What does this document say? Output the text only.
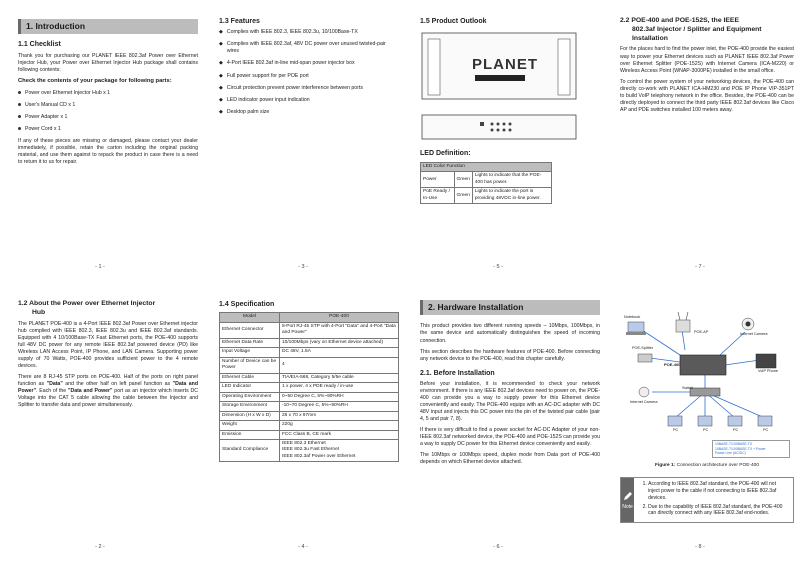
1. Introduction
1.1 Checklist
Thank you for purchasing our PLANET IEEE 802.3af Power over Ethernet Injector Hub, your Power over Ethernet Injector Hub package shall contains following contents:
Check the contents of your package for following parts:
Power over Ethernet Injector Hub x 1
User's Manual CD x 1
Power Adapter x 1
Power Cord x 1
If any of these pieces are missing or damaged, please contact your dealer immediately, if possible, retain the carton including the original packing material, and use them against to repack the product in case there is a need to return it to us for repair.
- 1 -
1.3 Features
◆ Complies with IEEE 802.3, IEEE 802.3u, 10/100Base-TX
◆ Complies with IEEE 802.3af, 48V DC power over unused twisted-pair wires
◆ 4-Port IEEE 802.3af in-line mid-span power injector box
◆ Full power support for per POE port
◆ Circuit protection prevent power interference between ports
◆ LED indicator power input indication
◆ Desktop palm size
- 3 -
1.5 Product Outlook
PLANET
LED Definition:
LED Color Function		
Power	Green	Lights to indicate that the POE-400 has power.
PoE Ready / In-Use	Green	Lights to indicate the port is providing 48VDC in-line power.
- 5 -
2.2 POE-400 and POE-152S, the IEEE
802.3af Injector / Splitter and Equipment
Installation
For the places hard to find the power inlet, the POE-400 provide the easiest way to power your Ethernet devices such as PLANET IEEE 802.3af Power over Ethernet Splitter (POE-152S) with Internet Camera (ICA-M220) or Wireless Access Point (WNAP-3000PE) installed in the small office.
To control the power system of your networking devices, the POE-400 can directly co-work with PLANET ICA-HM230 and POE IP Phone VIP-351PT to build VoIP telephony network in the office. Besides, the POE-400 can be directly deployed to connect the third party IEEE 802.3af devices like Cisco AP and PDE switches installed 100 meters away.
- 7 -
1.2 About the Power over Ethernet Injector
Hub
The PLANET POE-400 is a 4-Port IEEE 802.3af Power over Ethernet injector hub complied with IEEE 802.3, IEEE 802.3u and IEEE 802.3af standards. Equipped with 4 10/100Base-TX Fast Ethernet ports, the POE-400 supports full 48V DC power for any remote IEEE 802.3af powered device (PD) like Wireless LAN Access Point, IP Phone, and LAN Camera. Supporting power supply of 70 Watts, POE-400 provides sufficient power to the 4 remote devices.
There are 8 RJ-45 STP ports on POE-400. Half of the ports on right panel function as "Data" and the other half on left panel function as "Data and Power". Each of the "Data and Power" port as an injector which inserts DC Voltage into the CAT 5 cable allowing the cable between the Injector and Splitter to transfer data and power simultaneously.
- 2 -
1.4 Specification
Model	POE-400
Ethernet Connector	8-Port RJ-45 STP with 4-Port "Data" and 4-Port "Data and Power"
Ethernet Data Rate	10/100Mbps (vary on Ethernet device attached)
Input Voltage	DC 48V, 1.5A
Number of Device can be Power	4
Ethernet Cable	TIA/EIA-568, Category 5/5e cable
LED Indicator	1 x power, 4 x PDE ready / in-use
Operating Environment	0~50 Degree C, 5%~90%RH
Storage Environment	-10~70 Degree C, 5%~90%RH
Dimension (H x W x D)	26 x 70 x 97mm
Weight	220g
Emission	FCC Class B, CE mark
Standard Compliance	IEEE 802.3 Ethernet
IEEE 802.3u Fast Ethernet
IEEE 802.3af Power over Ethernet
- 4 -
2. Hardware Installation
This product provides two different running speeds – 10Mbps, 100Mbps, in the same device and automatically distinguishes the speed of incoming connection.
This section describes the hardware features of POE-400. Before connecting any network device to the POE-400, read this chapter carefully.
2.1. Before Installation
Before your installation, it is recommended to check your network environment. If there is any IEEE 802.3af devices need to power on, the POE-400 can provide you a way to supply power for this Ethernet device conveniently and easily. The POE-400 equips with an AC-DC adapter with DC 48V input and injects this DC power into the pin of the twisted pair cable (pair 4, 5 and pair 7, 8).
If there is very difficult to find a power socket for AC-DC Adapter of your non-IEEE 802.3af networked device, the POE-400 and POE-152S can provide you a way to supply DC power for this Ethernet device conveniently and easily.
The 10Mbps or 100Mbps speed, duplex mode from Data port of POE-400 depends on which Ethernet device attached.
- 6 -
Notebook
POE-AP	Internet Camera
POE-Splitter
POE-400
VoIP Phone
Switch
Internet Camera
PC	PC	PC	PC
10BASE-T/100BASE-TX
10BASE-T/100BASE-TX + Power
Power Line (AC/DC)
Figure 1: Connection architecture over POE-400
Note
1. According to IEEE 802.3af standard, the POE-400 will not inject power to the cable if not connecting to IEEE 802.3af devices.
2. Due to the capability of IEEE 802.3af standard, the POE-400 can directly connect with any IEEE 802.3af end-nodes.
- 8 -
